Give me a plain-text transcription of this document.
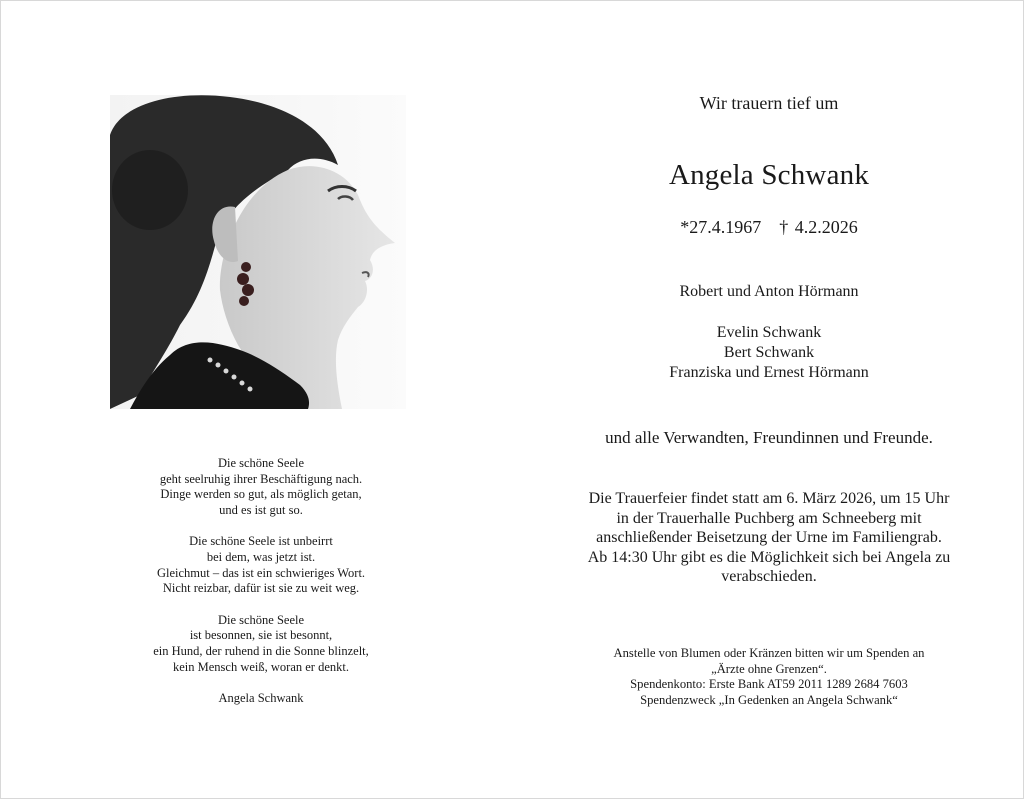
Die schöne Seele
geht seelruhig ihrer Beschäftigung nach.
Dinge werden so gut, als möglich getan,
und es ist gut so.
Die schöne Seele ist unbeirrt
bei dem, was jetzt ist.
Gleichmut – das ist ein schwieriges Wort.
Nicht reizbar, dafür ist sie zu weit weg.
Die schöne Seele
ist besonnen, sie ist besonnt,
ein Hund, der ruhend in die Sonne blinzelt,
kein Mensch weiß, woran er denkt.
Angela Schwank
Wir trauern tief um
Angela Schwank
*27.4.1967 † 4.2.2026
Robert und Anton Hörmann
Evelin Schwank
Bert Schwank
Franziska und Ernest Hörmann
und alle Verwandten, Freundinnen und Freunde.
Die Trauerfeier findet statt am 6. März 2026, um 15 Uhr
in der Trauerhalle Puchberg am Schneeberg mit
anschließender Beisetzung der Urne im Familiengrab.
Ab 14:30 Uhr gibt es die Möglichkeit sich bei Angela zu
verabschieden.
Anstelle von Blumen oder Kränzen bitten wir um Spenden an
„Ärzte ohne Grenzen“.
Spendenkonto: Erste Bank AT59 2011 1289 2684 7603
Spendenzweck „In Gedenken an Angela Schwank“
